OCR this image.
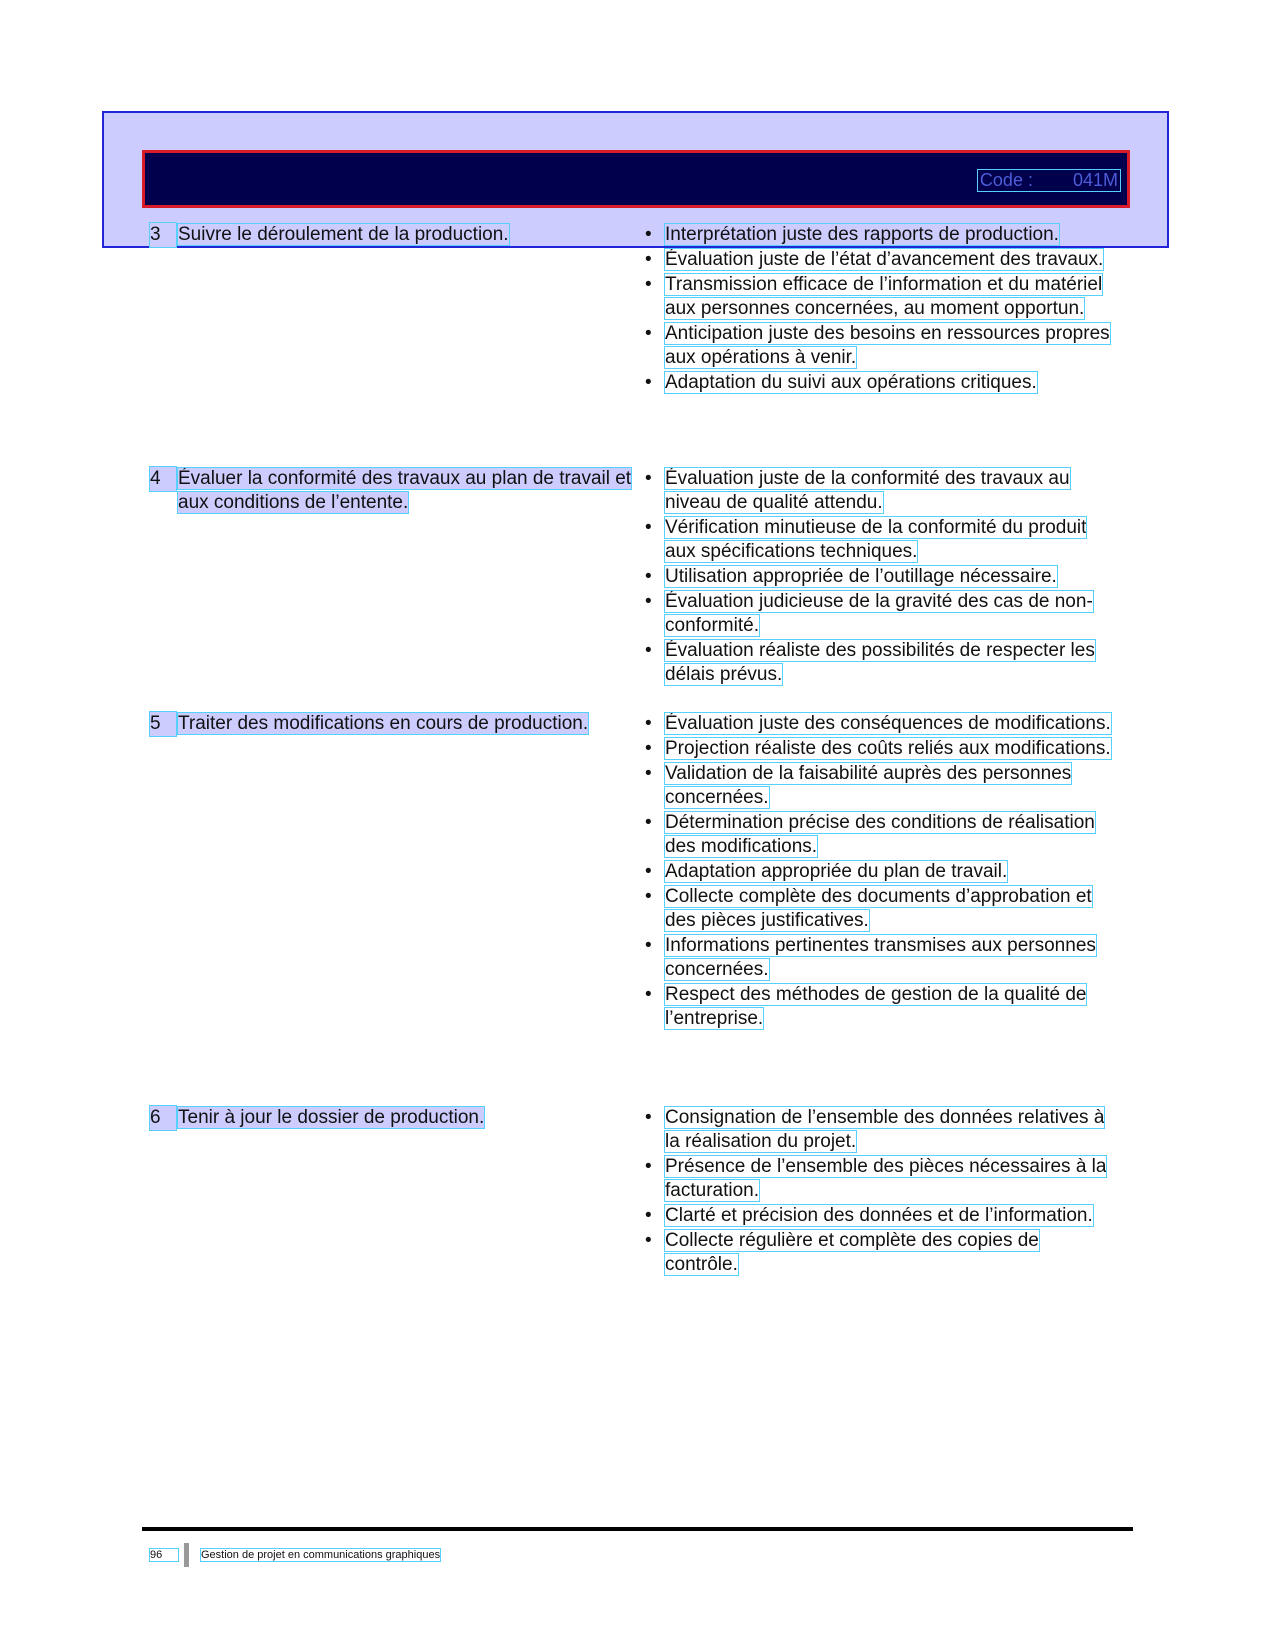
Code :        041M
3 Suivre le déroulement de la production.	• Interprétation juste des rapports de production.
• Évaluation juste de l’état d’avancement des travaux.
• Transmission efficace de l’information et du matériel aux personnes concernées, au moment opportun.
• Anticipation juste des besoins en ressources propres aux opérations à venir.
• Adaptation du suivi aux opérations critiques.
4 Évaluer la conformité des travaux au plan de travail et aux conditions de l’entente.
• Évaluation juste de la conformité des travaux au niveau de qualité attendu.
• Vérification minutieuse de la conformité du produit aux spécifications techniques.
• Utilisation appropriée de l’outillage nécessaire.
• Évaluation judicieuse de la gravité des cas de non-conformité.
• Évaluation réaliste des possibilités de respecter les délais prévus.
5 Traiter des modifications en cours de production.	• Évaluation juste des conséquences de modifications.
• Projection réaliste des coûts reliés aux modifications.
• Validation de la faisabilité auprès des personnes concernées.
• Détermination précise des conditions de réalisation des modifications.
• Adaptation appropriée du plan de travail.
• Collecte complète des documents d’approbation et des pièces justificatives.
• Informations pertinentes transmises aux personnes concernées.
• Respect des méthodes de gestion de la qualité de l’entreprise.
6 Tenir à jour le dossier de production.	• Consignation de l’ensemble des données relatives à la réalisation du projet.
• Présence de l’ensemble des pièces nécessaires à la facturation.
• Clarté et précision des données et de l’information.
• Collecte régulière et complète des copies de contrôle.
96	Gestion de projet en communications graphiques
